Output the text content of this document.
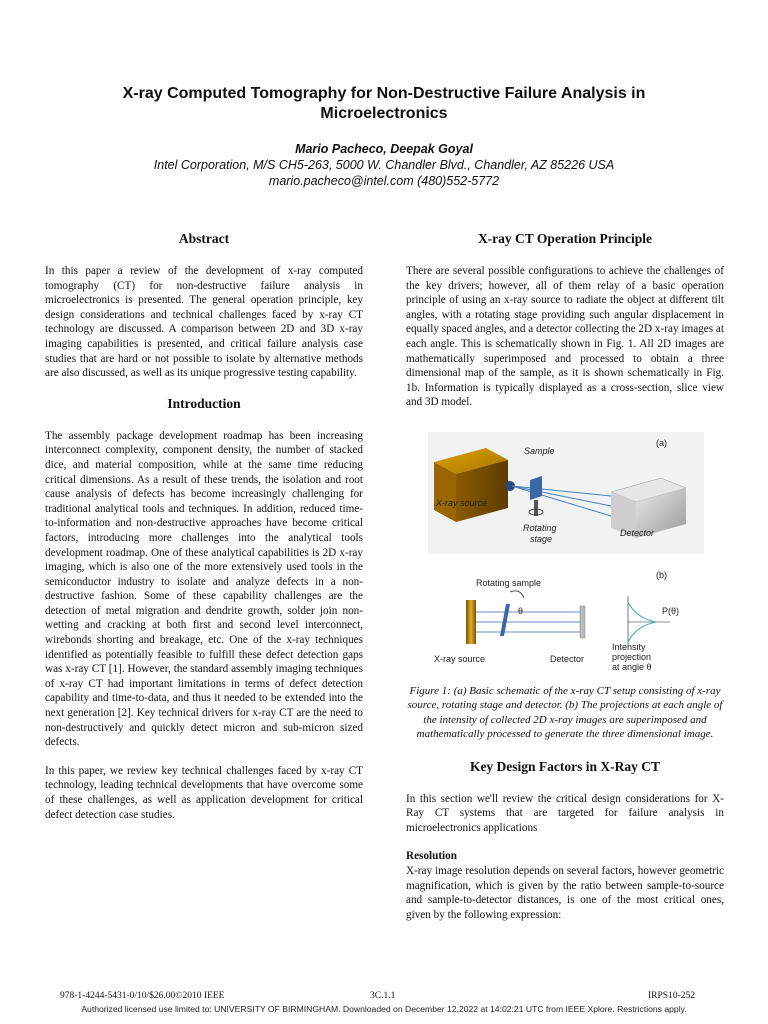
X-ray Computed Tomography for Non-Destructive Failure Analysis in Microelectronics
Mario Pacheco, Deepak Goyal
Intel Corporation, M/S CH5-263, 5000 W. Chandler Blvd., Chandler, AZ 85226 USA
mario.pacheco@intel.com (480)552-5772
Abstract

In this paper a review of the development of x-ray computed tomography (CT) for non-destructive failure analysis in microelectronics is presented. The general operation principle, key design considerations and technical challenges faced by x-ray CT technology are discussed. A comparison between 2D and 3D x-ray imaging capabilities is presented, and critical failure analysis case studies that are hard or not possible to isolate by alternative methods are also discussed, as well as its unique progressive testing capability.

Introduction

The assembly package development roadmap has been increasing interconnect complexity, component density, the number of stacked dice, and material composition, while at the same time reducing critical dimensions. As a result of these trends, the isolation and root cause analysis of defects has become increasingly challenging for traditional analytical tools and techniques. In addition, reduced time-to-information and non-destructive approaches have become critical factors, introducing more challenges into the analytical tools development roadmap. One of these analytical capabilities is 2D x-ray imaging, which is also one of the more extensively used tools in the semiconductor industry to isolate and analyze defects in a non-destructive fashion. Some of these capability challenges are the detection of metal migration and dendrite growth, solder join non-wetting and cracking at both first and second level interconnect, wirebonds shorting and breakage, etc. One of the x-ray techniques identified as potentially feasible to fulfill these defect detection gaps was x-ray CT [1]. However, the standard assembly imaging techniques of x-ray CT had important limitations in terms of defect detection capability and time-to-data, and thus it needed to be extended into the next generation [2]. Key technical drivers for x-ray CT are the need to non-destructively and quickly detect micron and sub-micron sized defects.

In this paper, we review key technical challenges faced by x-ray CT technology, leading technical developments that have overcome some of these challenges, as well as application development for critical defect detection case studies.

X-ray CT Operation Principle

There are several possible configurations to achieve the challenges of the key drivers; however, all of them relay of a basic operation principle of using an x-ray source to radiate the object at different tilt angles, with a rotating stage providing such angular displacement in equally spaced angles, and a detector collecting the 2D x-ray images at each angle. This is schematically shown in Fig. 1. All 2D images are mathematically superimposed and processed to obtain a three dimensional map of the sample, as it is shown schematically in Fig. 1b. Information is typically displayed as a cross-section, slice view and 3D model.

(a)
Sample
X-ray source
Rotating
stage
Detector
(b)
Rotating sample
θ	P(θ)
X-ray source	Detector
Intensity
projection
at angle θ
Figure 1: (a) Basic schematic of the x-ray CT setup consisting of x-ray source, rotating stage and detector. (b) The projections at each angle of the intensity of collected 2D x-ray images are superimposed and mathematically processed to generate the three dimensional image.
Key Design Factors in X-Ray CT

In this section we'll review the critical design considerations for X-Ray CT systems that are targeted for failure analysis in microelectronics applications

Resolution

X-ray image resolution depends on several factors, however geometric magnification, which is given by the ratio between sample-to-source and sample-to-detector distances, is one of the most critical ones, given by the following expression:

978-1-4244-5431-0/10/$26.00©2010 IEEE	3C.1.1	IRPS10-252
Authorized licensed use limited to: UNIVERSITY OF BIRMINGHAM. Downloaded on December 12,2022 at 14:02:21 UTC from IEEE Xplore. Restrictions apply.
